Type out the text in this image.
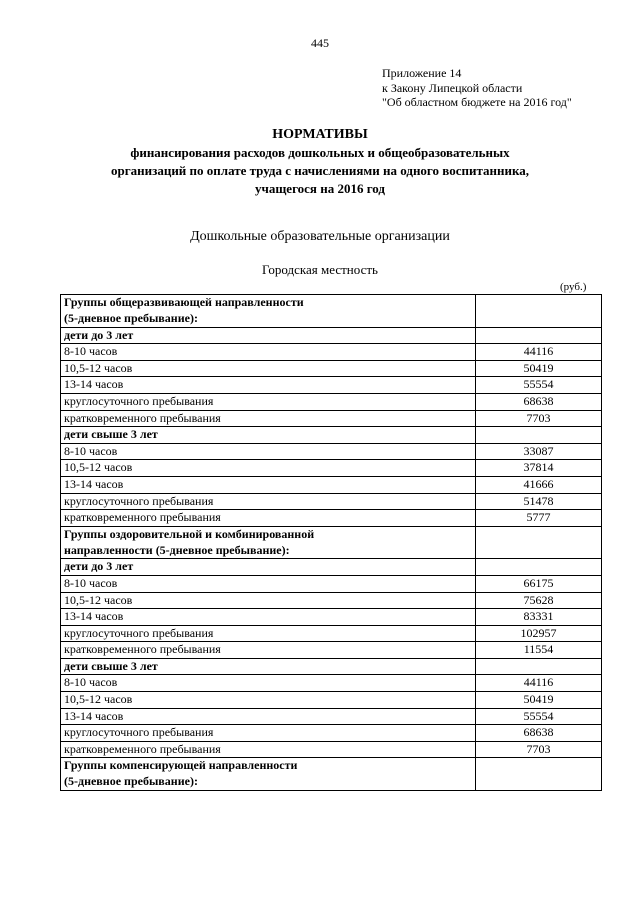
445
Приложение 14
к Закону Липецкой области
"Об областном бюджете на 2016 год"
НОРМАТИВЫ
финансирования расходов дошкольных и общеобразовательных
организаций по оплате труда с начислениями на одного воспитанника,
учащегося на 2016 год
Дошкольные образовательные организации
Городская местность
(руб.)
Группы общеразвивающей направленности
(5-дневное пребывание):	

дети до 3 лет	
8-10 часов	44116
10,5-12 часов	50419
13-14 часов	55554
круглосуточного пребывания	68638
кратковременного пребывания	7703
дети свыше 3 лет	
8-10 часов	33087
10,5-12 часов	37814
13-14 часов	41666
круглосуточного пребывания	51478
кратковременного пребывания	5777

Группы оздоровительной и комбинированной
направленности (5-дневное пребывание):	

дети до 3 лет	
8-10 часов	66175
10,5-12 часов	75628
13-14 часов	83331
круглосуточного пребывания	102957
кратковременного пребывания	11554
дети свыше 3 лет	
8-10 часов	44116
10,5-12 часов	50419
13-14 часов	55554
круглосуточного пребывания	68638
кратковременного пребывания	7703

Группы компенсирующей направленности
(5-дневное пребывание):	
